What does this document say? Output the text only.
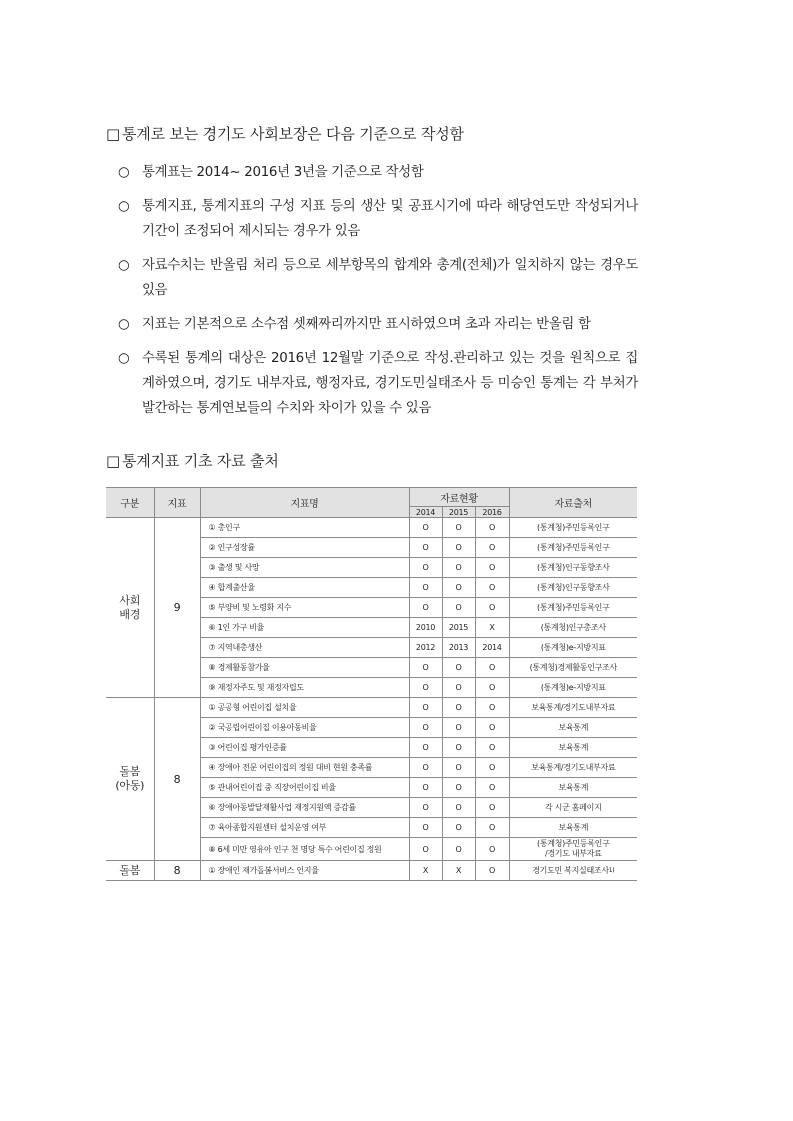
□ 통계로 보는 경기도 사회보장은 다음 기준으로 작성함
○ 통계표는 2014~ 2016년 3년을 기준으로 작성함
○ 통계지표, 통계지표의 구성 지표 등의 생산 및 공표시기에 따라 해당연도만 작성되거나 기간이 조정되어 제시되는 경우가 있음
○ 자료수치는 반올림 처리 등으로 세부항목의 합계와 총계(전체)가 일치하지 않는 경우도 있음
○ 지표는 기본적으로 소수점 셋째짜리까지만 표시하였으며 초과 자리는 반올림 함
○ 수록된 통계의 대상은 2016년 12월말 기준으로 작성.관리하고 있는 것을 원칙으로 집계하였으며, 경기도 내부자료, 행정자료, 경기도민실태조사 등 미승인 통계는 각 부처가 발간하는 통계연보들의 수치와 차이가 있을 수 있음
□ 통계지표 기초 자료 출처
구분	지표	지표명	자료현황			자료출처
			2014	2015	2016	
사회
배경	9	① 총인구	O	O	O	(통계청)주민등록인구
		② 인구성장률	O	O	O	(통계청)주민등록인구
		③ 출생 및 사망	O	O	O	(통계청)인구동향조사
		④ 합계출산율	O	O	O	(통계청)인구동향조사
		⑤ 부양비 및 노령화 지수	O	O	O	(통계청)주민등록인구
		⑥ 1인 가구 비율	2010	2015	X	(통계청)인구총조사
		⑦ 지역내총생산	2012	2013	2014	(통계청)e-지방지표
		⑧ 경제활동참가율	O	O	O	(통계청)경제활동인구조사
		⑨ 재정자주도 및 재정자립도	O	O	O	(통계청)e-지방지표
돌봄
(아동)	8	① 공공형 어린이집 설치율	O	O	O	보육통계/경기도내부자료
		② 국공립어린이집 이용아동비율	O	O	O	보육통계
		③ 어린이집 평가인증률	O	O	O	보육통계
		④ 장애아 전문 어린이집의 정원 대비 현원 충족률	O	O	O	보육통계/경기도내부자료
		⑤ 관내어린이집 중 직장어린이집 비율	O	O	O	보육통계
		⑥ 장애아동발달재활사업 재정지원액 증감률	O	O	O	각 시군 홈페이지
		⑦ 육아종합지원센터 설치운영 여부	O	O	O	보육통계
		⑧ 6세 미만 영유아 인구 천 명당 특수 어린이집 정원	O	O	O	(통계청)주민등록인구
/경기도 내부자료
돌봄	8	① 장애인 재가돌봄서비스 인지율	X	X	O	경기도민 복지실태조사$^{1)}$
